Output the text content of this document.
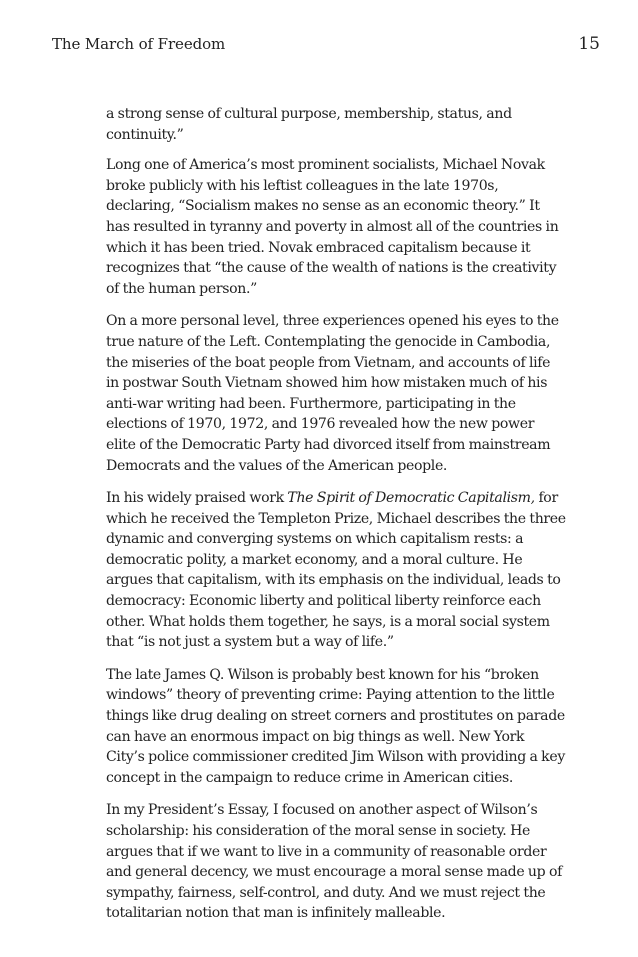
The March of Freedom	15

a strong sense of cultural purpose, membership, status, and continuity.”

Long one of America’s most prominent socialists, Michael Novak broke publicly with his leftist colleagues in the late 1970s, declaring, “Socialism makes no sense as an economic theory.” It has resulted in tyranny and poverty in almost all of the countries in which it has been tried. Novak embraced capitalism because it recognizes that “the cause of the wealth of nations is the creativity of the human person.”

On a more personal level, three experiences opened his eyes to the true nature of the Left. Contemplating the genocide in Cambodia, the miseries of the boat people from Vietnam, and accounts of life in postwar South Vietnam showed him how mistaken much of his anti-war writing had been. Furthermore, participating in the elections of 1970, 1972, and 1976 revealed how the new power elite of the Democratic Party had divorced itself from mainstream Democrats and the values of the American people.

In his widely praised work The Spirit of Democratic Capitalism, for which he received the Templeton Prize, Michael describes the three dynamic and converging systems on which capitalism rests: a democratic polity, a market economy, and a moral culture. He argues that capitalism, with its emphasis on the individual, leads to democracy: Economic liberty and political liberty reinforce each other. What holds them together, he says, is a moral social system that “is not just a system but a way of life.”

The late James Q. Wilson is probably best known for his “broken windows” theory of preventing crime: Paying attention to the little things like drug dealing on street corners and prostitutes on parade can have an enormous impact on big things as well. New York City’s police commissioner credited Jim Wilson with providing a key concept in the campaign to reduce crime in American cities.

In my President’s Essay, I focused on another aspect of Wilson’s scholarship: his consideration of the moral sense in society. He argues that if we want to live in a community of reasonable order and general decency, we must encourage a moral sense made up of sympathy, fairness, self-control, and duty. And we must reject the totalitarian notion that man is infinitely malleable.
